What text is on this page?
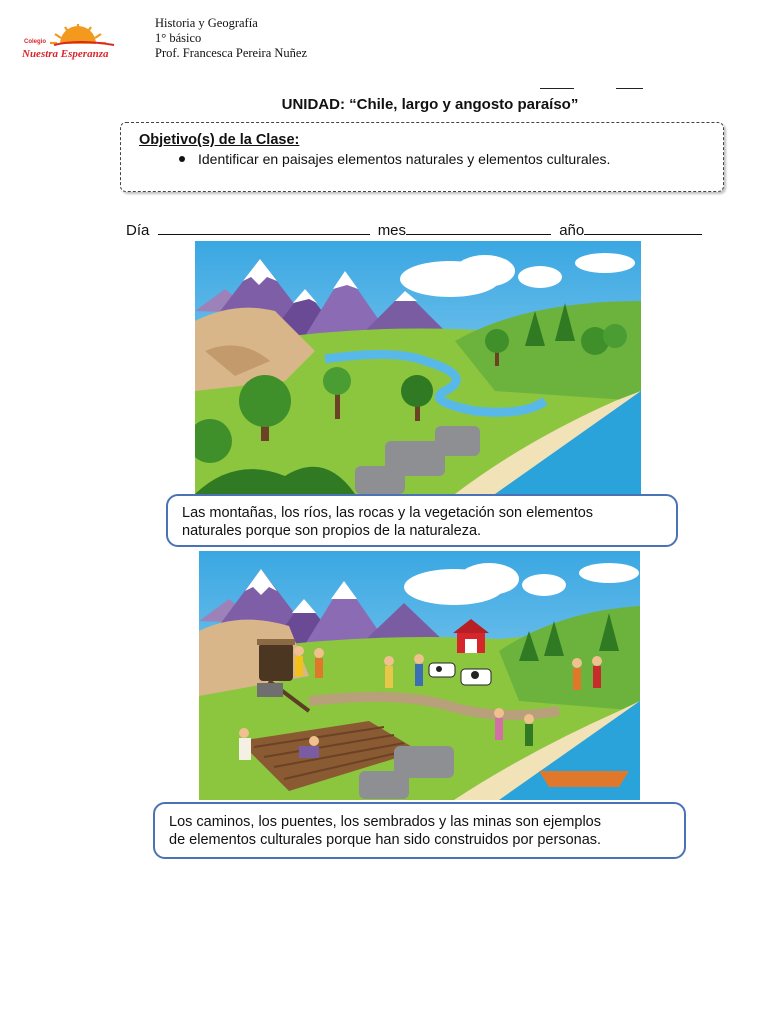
Colegio
Nuestra Esperanza
Historia y Geografía
1° básico
Prof. Francesca Pereira Nuñez
UNIDAD: “Chile, largo y angosto paraíso”
Objetivo(s) de la Clase:
Identificar en paisajes elementos naturales y elementos culturales.
Día	mes	año
Las montañas, los ríos, las rocas y la vegetación son elementos
naturales porque son propios de la naturaleza.
Los caminos, los puentes, los sembrados y las minas son ejemplos
de elementos culturales porque han sido construidos por personas.
